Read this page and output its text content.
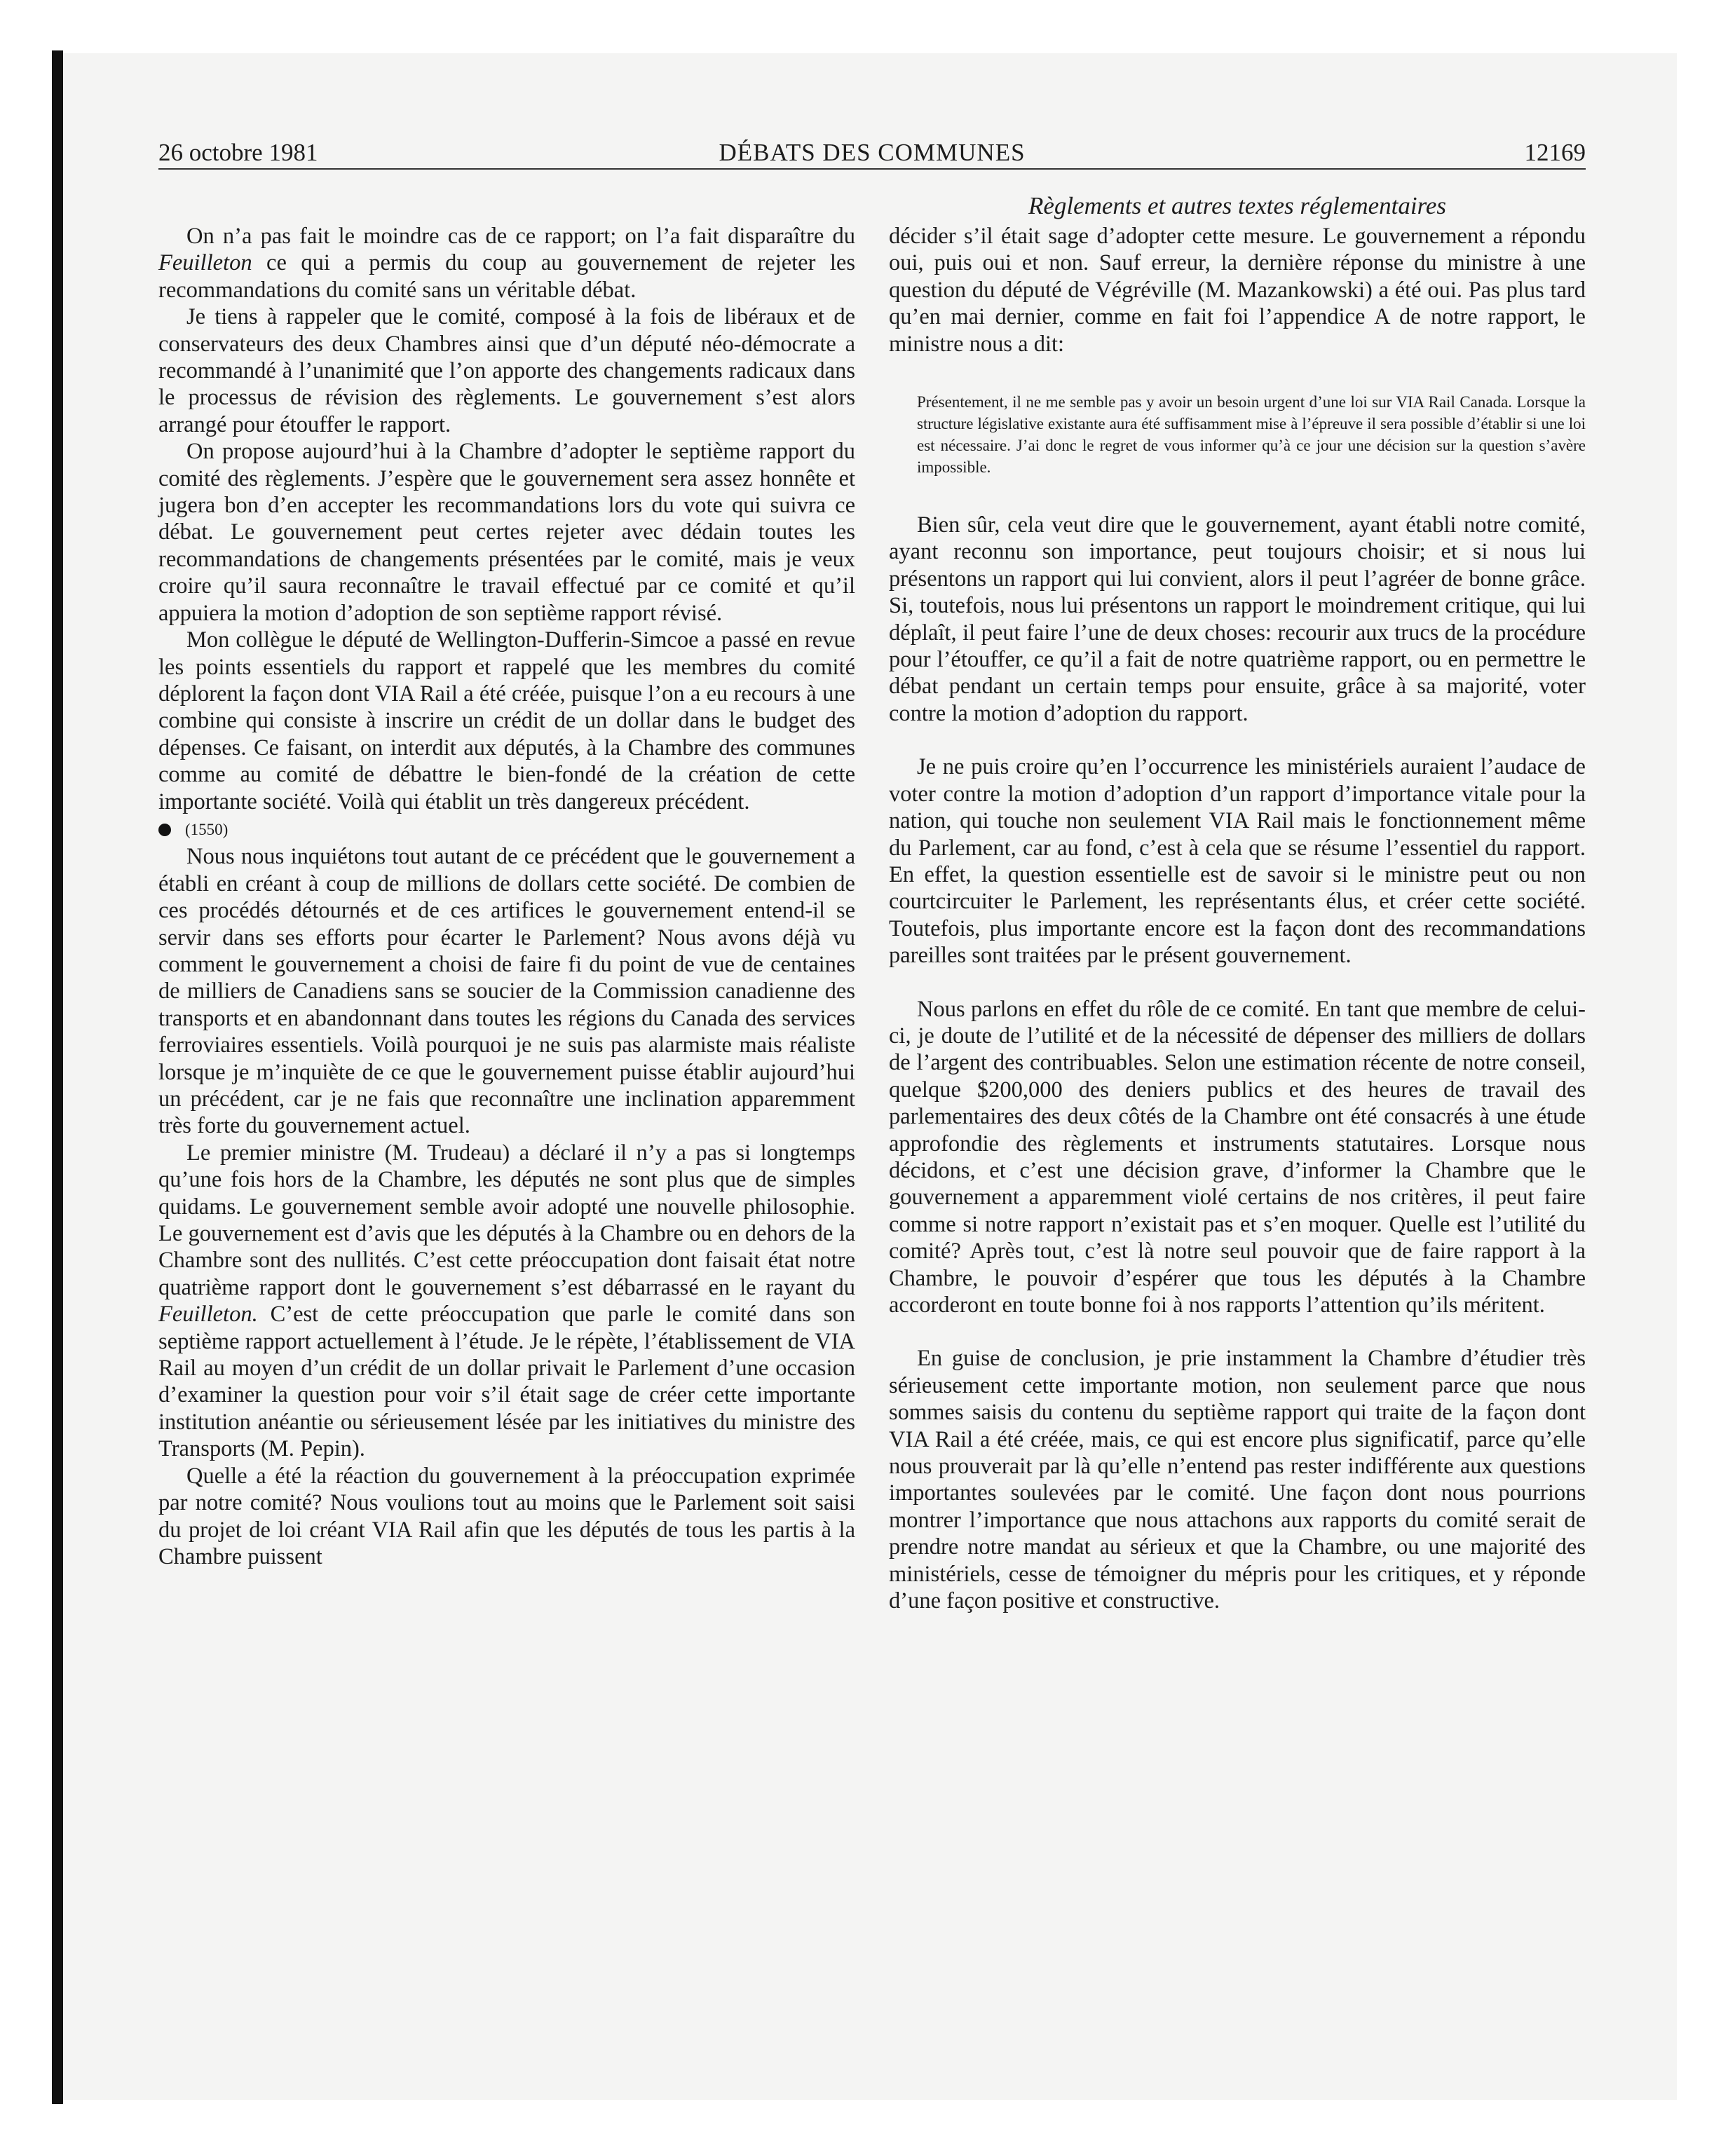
26 octobre 1981	DÉBATS DES COMMUNES	12169
Règlements et autres textes réglementaires

On n’a pas fait le moindre cas de ce rapport; on l’a fait disparaître du Feuilleton ce qui a permis du coup au gouvernement de rejeter les recommandations du comité sans un véritable débat.

Je tiens à rappeler que le comité, composé à la fois de libéraux et de conservateurs des deux Chambres ainsi que d’un député néo-démocrate a recommandé à l’unanimité que l’on apporte des changements radicaux dans le processus de révision des règlements. Le gouvernement s’est alors arrangé pour étouffer le rapport.

On propose aujourd’hui à la Chambre d’adopter le septième rapport du comité des règlements. J’espère que le gouvernement sera assez honnête et jugera bon d’en accepter les recommandations lors du vote qui suivra ce débat. Le gouvernement peut certes rejeter avec dédain toutes les recommandations de changements présentées par le comité, mais je veux croire qu’il saura reconnaître le travail effectué par ce comité et qu’il appuiera la motion d’adoption de son septième rapport révisé.

Mon collègue le député de Wellington-Dufferin-Simcoe a passé en revue les points essentiels du rapport et rappelé que les membres du comité déplorent la façon dont VIA Rail a été créée, puisque l’on a eu recours à une combine qui consiste à inscrire un crédit de un dollar dans le budget des dépenses. Ce faisant, on interdit aux députés, à la Chambre des communes comme au comité de débattre le bien-fondé de la création de cette importante société. Voilà qui établit un très dangereux précédent.

(1550)

Nous nous inquiétons tout autant de ce précédent que le gouvernement a établi en créant à coup de millions de dollars cette société. De combien de ces procédés détournés et de ces artifices le gouvernement entend-il se servir dans ses efforts pour écarter le Parlement? Nous avons déjà vu comment le gouvernement a choisi de faire fi du point de vue de centaines de milliers de Canadiens sans se soucier de la Commission canadienne des transports et en abandonnant dans toutes les régions du Canada des services ferroviaires essentiels. Voilà pourquoi je ne suis pas alarmiste mais réaliste lorsque je m’inquiète de ce que le gouvernement puisse établir aujourd’hui un précédent, car je ne fais que reconnaître une inclination apparemment très forte du gouvernement actuel.

Le premier ministre (M. Trudeau) a déclaré il n’y a pas si longtemps qu’une fois hors de la Chambre, les députés ne sont plus que de simples quidams. Le gouvernement semble avoir adopté une nouvelle philosophie. Le gouvernement est d’avis que les députés à la Chambre ou en dehors de la Chambre sont des nullités. C’est cette préoccupation dont faisait état notre quatrième rapport dont le gouvernement s’est débarrassé en le rayant du Feuilleton. C’est de cette préoccupation que parle le comité dans son septième rapport actuellement à l’étude. Je le répète, l’établissement de VIA Rail au moyen d’un crédit de un dollar privait le Parlement d’une occasion d’examiner la question pour voir s’il était sage de créer cette importante institution anéantie ou sérieusement lésée par les initiatives du ministre des Transports (M. Pepin).

Quelle a été la réaction du gouvernement à la préoccupation exprimée par notre comité? Nous voulions tout au moins que le Parlement soit saisi du projet de loi créant VIA Rail afin que les députés de tous les partis à la Chambre puissent

décider s’il était sage d’adopter cette mesure. Le gouvernement a répondu oui, puis oui et non. Sauf erreur, la dernière réponse du ministre à une question du député de Végréville (M. Mazankowski) a été oui. Pas plus tard qu’en mai dernier, comme en fait foi l’appendice A de notre rapport, le ministre nous a dit:

Présentement, il ne me semble pas y avoir un besoin urgent d’une loi sur VIA Rail Canada. Lorsque la structure législative existante aura été suffisamment mise à l’épreuve il sera possible d’établir si une loi est nécessaire. J’ai donc le regret de vous informer qu’à ce jour une décision sur la question s’avère impossible.

Bien sûr, cela veut dire que le gouvernement, ayant établi notre comité, ayant reconnu son importance, peut toujours choisir; et si nous lui présentons un rapport qui lui convient, alors il peut l’agréer de bonne grâce. Si, toutefois, nous lui présentons un rapport le moindrement critique, qui lui déplaît, il peut faire l’une de deux choses: recourir aux trucs de la procédure pour l’étouffer, ce qu’il a fait de notre quatrième rapport, ou en permettre le débat pendant un certain temps pour ensuite, grâce à sa majorité, voter contre la motion d’adoption du rapport.

Je ne puis croire qu’en l’occurrence les ministériels auraient l’audace de voter contre la motion d’adoption d’un rapport d’importance vitale pour la nation, qui touche non seulement VIA Rail mais le fonctionnement même du Parlement, car au fond, c’est à cela que se résume l’essentiel du rapport. En effet, la question essentielle est de savoir si le ministre peut ou non courtcircuiter le Parlement, les représentants élus, et créer cette société. Toutefois, plus importante encore est la façon dont des recommandations pareilles sont traitées par le présent gouvernement.

Nous parlons en effet du rôle de ce comité. En tant que membre de celui-ci, je doute de l’utilité et de la nécessité de dépenser des milliers de dollars de l’argent des contribuables. Selon une estimation récente de notre conseil, quelque $200,000 des deniers publics et des heures de travail des parlementaires des deux côtés de la Chambre ont été consacrés à une étude approfondie des règlements et instruments statutaires. Lorsque nous décidons, et c’est une décision grave, d’informer la Chambre que le gouvernement a apparemment violé certains de nos critères, il peut faire comme si notre rapport n’existait pas et s’en moquer. Quelle est l’utilité du comité? Après tout, c’est là notre seul pouvoir que de faire rapport à la Chambre, le pouvoir d’espérer que tous les députés à la Chambre accorderont en toute bonne foi à nos rapports l’attention qu’ils méritent.

En guise de conclusion, je prie instamment la Chambre d’étudier très sérieusement cette importante motion, non seulement parce que nous sommes saisis du contenu du septième rapport qui traite de la façon dont VIA Rail a été créée, mais, ce qui est encore plus significatif, parce qu’elle nous prouverait par là qu’elle n’entend pas rester indifférente aux questions importantes soulevées par le comité. Une façon dont nous pourrions montrer l’importance que nous attachons aux rapports du comité serait de prendre notre mandat au sérieux et que la Chambre, ou une majorité des ministériels, cesse de témoigner du mépris pour les critiques, et y réponde d’une façon positive et constructive.
